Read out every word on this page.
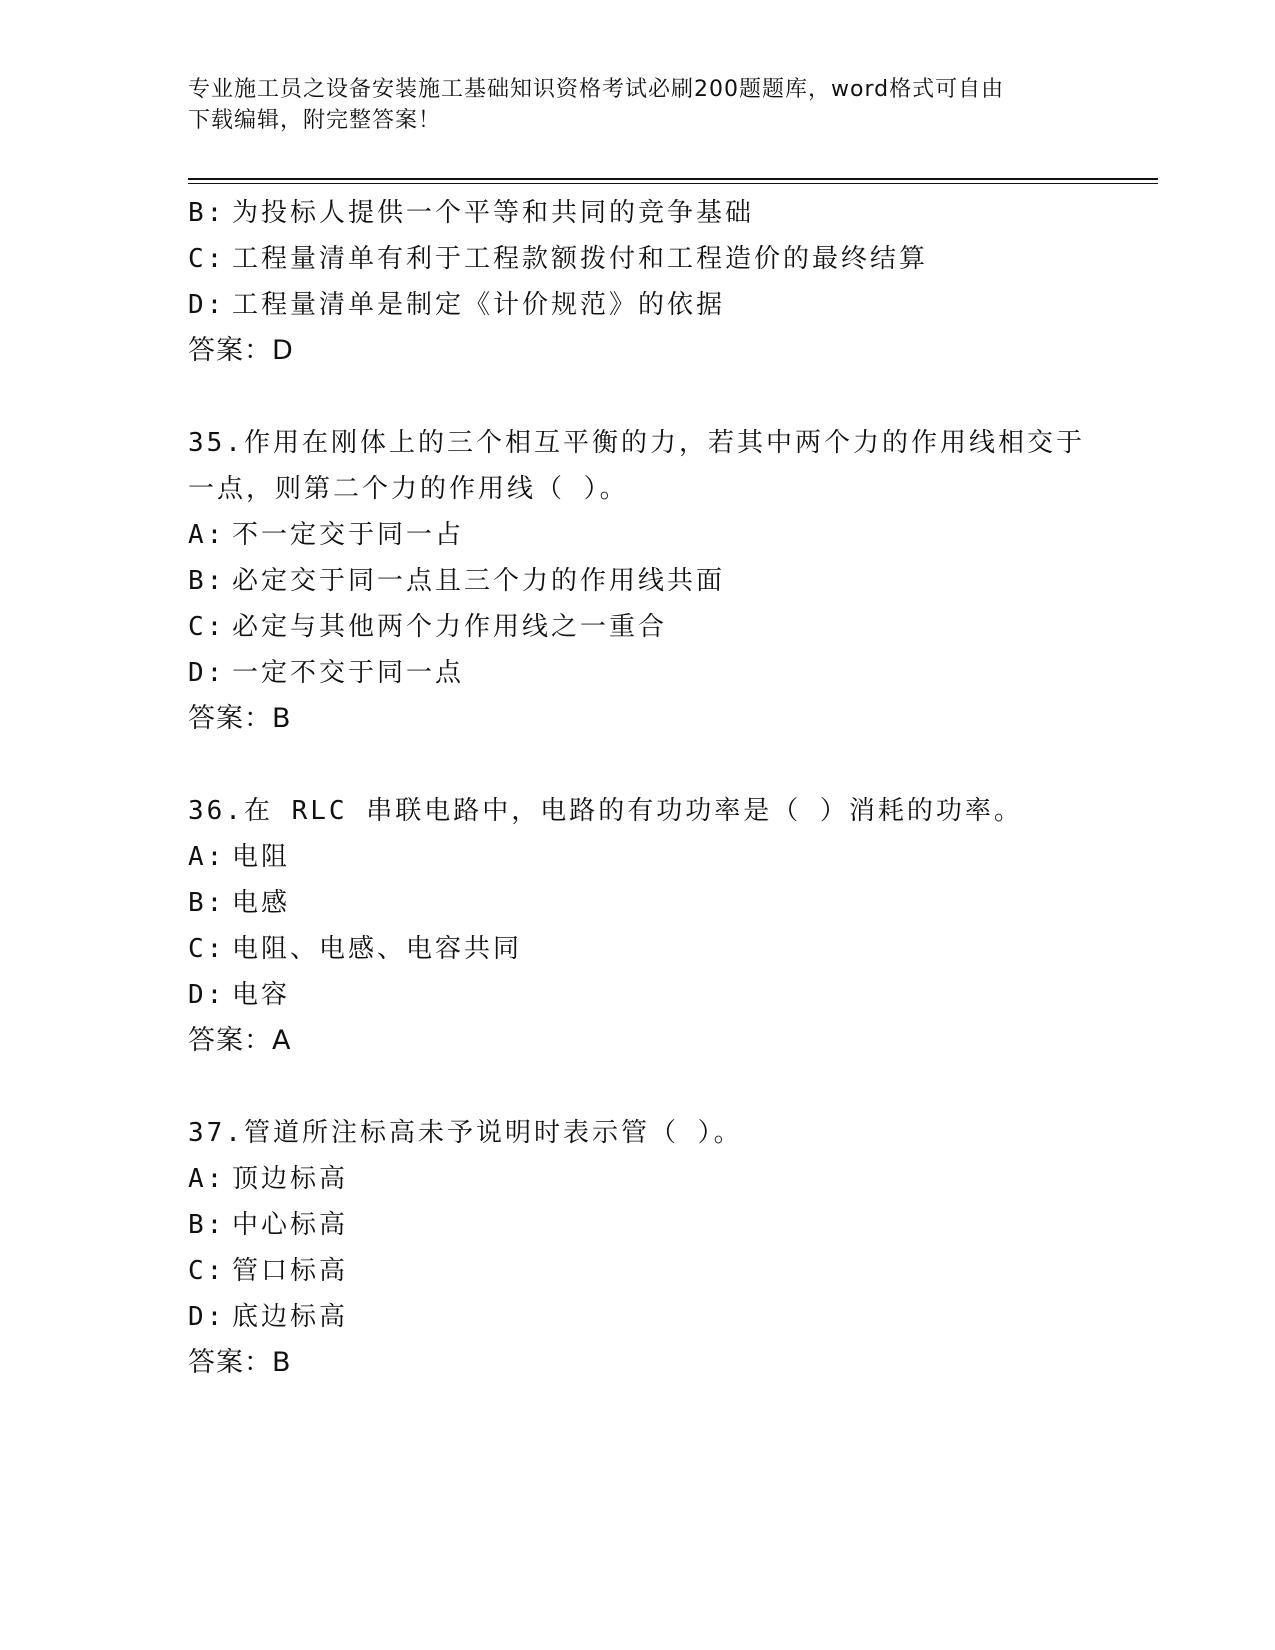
专业施工员之设备安装施工基础知识资格考试必刷200题题库，word格式可自由
下载编辑，附完整答案！
B: 为投标人提供一个平等和共同的竞争基础
C: 工程量清单有利于工程款额拨付和工程造价的最终结算
D: 工程量清单是制定《计价规范》的依据
答案：D
35.作用在刚体上的三个相互平衡的力，若其中两个力的作用线相交于
一点，则第二个力的作用线（ ）。
A: 不一定交于同一占
B: 必定交于同一点且三个力的作用线共面
C: 必定与其他两个力作用线之一重合
D: 一定不交于同一点
答案：B
36.在 RLC 串联电路中，电路的有功功率是（ ）消耗的功率。
A: 电阻
B: 电感
C: 电阻、电感、电容共同
D: 电容
答案：A
37.管道所注标高未予说明时表示管（ ）。
A: 顶边标高
B: 中心标高
C: 管口标高
D: 底边标高
答案：B
